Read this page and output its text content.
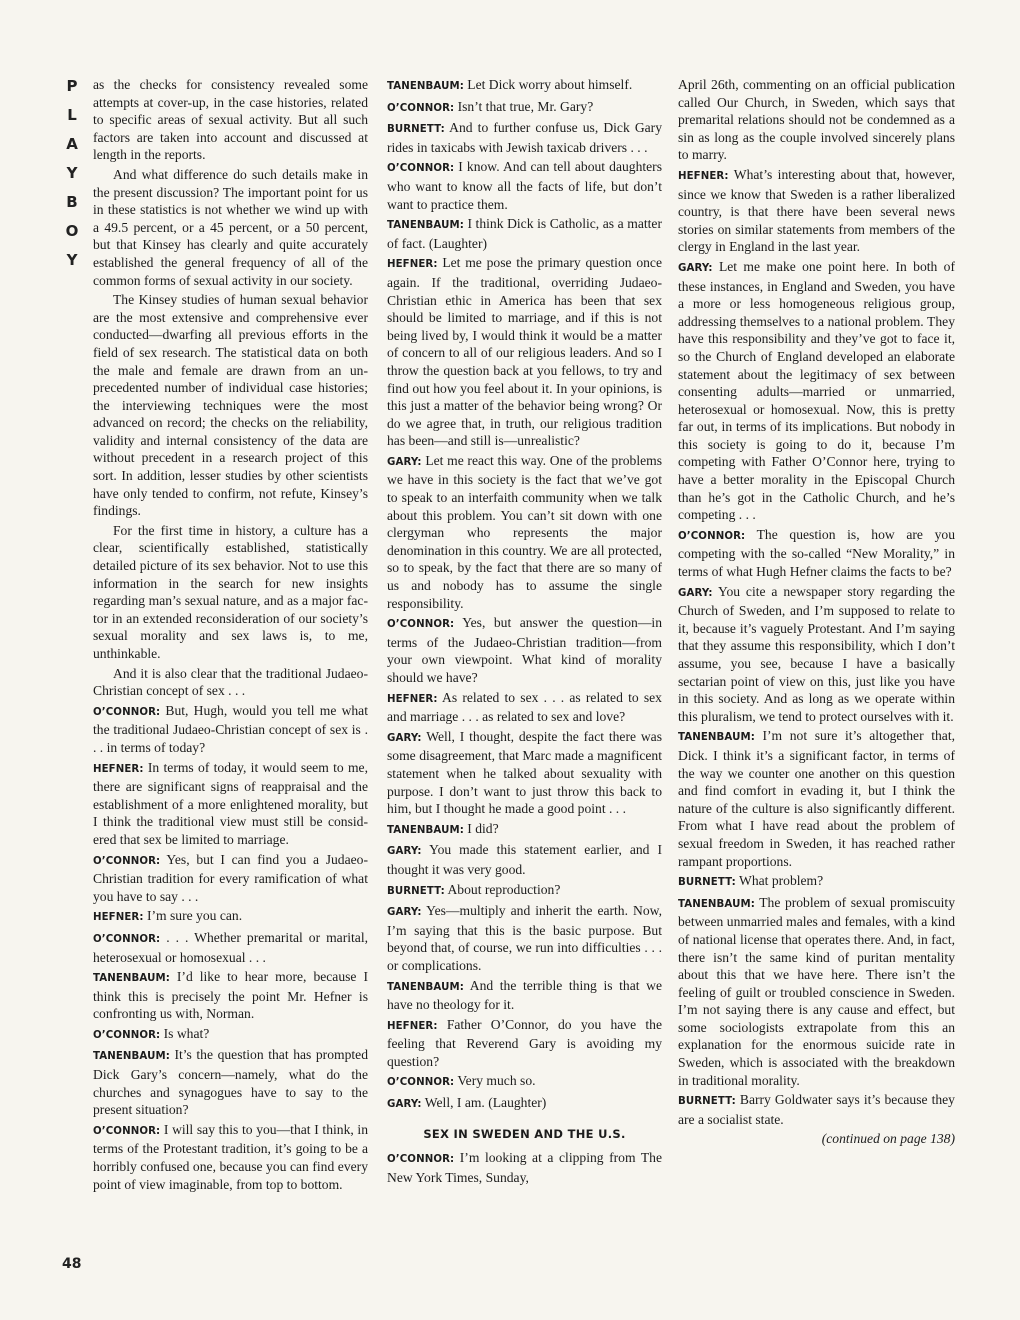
P
L
A
Y
B
O
Y
48

as the checks for consistency revealed some attempts at cover-up, in the case histories, related to specific areas of sexual activity. But all such factors are taken into account and discussed at length in the reports.

And what difference do such details make in the present discussion? The important point for us in these statistics is not whether we wind up with a 49.5 percent, or a 45 percent, or a 50 percent, but that Kinsey has clearly and quite accurately established the general frequency of all of the common forms of sexual activity in our society.

The Kinsey studies of human sexual behavior are the most extensive and comprehensive ever conducted—dwarfing all previous efforts in the field of sex research. The statistical data on both the male and female are drawn from an unprecedented number of individual case histories; the interviewing techniques were the most advanced on record; the checks on the reliability, validity and internal consistency of the data are without precedent in a research project of this sort. In addition, lesser studies by other scientists have only tended to confirm, not refute, Kinsey’s findings.

For the first time in history, a culture has a clear, scientifically established, statistically detailed picture of its sex behavior. Not to use this information in the search for new insights regarding man’s sexual nature, and as a major factor in an extended reconsideration of our society’s sexual morality and sex laws is, to me, unthinkable.

And it is also clear that the traditional Judaeo-Christian concept of sex . . .

O’CONNOR: But, Hugh, would you tell me what the traditional Judaeo-Christian concept of sex is . . . in terms of today?

HEFNER: In terms of today, it would seem to me, there are significant signs of reappraisal and the establishment of a more enlightened morality, but I think the traditional view must still be considered that sex be limited to marriage.

O’CONNOR: Yes, but I can find you a Judaeo-Christian tradition for every ramification of what you have to say . . .

HEFNER: I’m sure you can.

O’CONNOR: . . . Whether premarital or marital, heterosexual or homosexual . . .

TANENBAUM: I’d like to hear more, because I think this is precisely the point Mr. Hefner is confronting us with, Norman.

O’CONNOR: Is what?

TANENBAUM: It’s the question that has prompted Dick Gary’s concern—namely, what do the churches and synagogues have to say to the present situation?

O’CONNOR: I will say this to you—that I think, in terms of the Protestant tradition, it’s going to be a horribly confused one, because you can find every point of view imaginable, from top to bottom.

TANENBAUM: Let Dick worry about himself.

O’CONNOR: Isn’t that true, Mr. Gary?

BURNETT: And to further confuse us, Dick Gary rides in taxicabs with Jewish taxicab drivers . . .

O’CONNOR: I know. And can tell about daughters who want to know all the facts of life, but don’t want to practice them.

TANENBAUM: I think Dick is Catholic, as a matter of fact. (Laughter)

HEFNER: Let me pose the primary question once again. If the traditional, overriding Judaeo-Christian ethic in America has been that sex should be limited to marriage, and if this is not being lived by, I would think it would be a matter of concern to all of our religious leaders. And so I throw the question back at you fellows, to try and find out how you feel about it. In your opinions, is this just a matter of the behavior being wrong? Or do we agree that, in truth, our religious tradition has been—and still is—unrealistic?

GARY: Let me react this way. One of the problems we have in this society is the fact that we’ve got to speak to an interfaith community when we talk about this problem. You can’t sit down with one clergyman who represents the major denomination in this country. We are all protected, so to speak, by the fact that there are so many of us and nobody has to assume the single responsibility.

O’CONNOR: Yes, but answer the question—in terms of the Judaeo-Christian tradition—from your own viewpoint. What kind of morality should we have?

HEFNER: As related to sex . . . as related to sex and marriage . . . as related to sex and love?

GARY: Well, I thought, despite the fact there was some disagreement, that Marc made a magnificent statement when he talked about sexuality with purpose. I don’t want to just throw this back to him, but I thought he made a good point . . .

TANENBAUM: I did?

GARY: You made this statement earlier, and I thought it was very good.

BURNETT: About reproduction?

GARY: Yes—multiply and inherit the earth. Now, I’m saying that this is the basic purpose. But beyond that, of course, we run into difficulties . . . or complications.

TANENBAUM: And the terrible thing is that we have no theology for it.

HEFNER: Father O’Connor, do you have the feeling that Reverend Gary is avoiding my question?

O’CONNOR: Very much so.

GARY: Well, I am. (Laughter)

SEX IN SWEDEN AND THE U.S.

O’CONNOR: I’m looking at a clipping from The New York Times, Sunday,

April 26th, commenting on an official publication called Our Church, in Sweden, which says that premarital relations should not be condemned as a sin as long as the couple involved sincerely plans to marry.

HEFNER: What’s interesting about that, however, since we know that Sweden is a rather liberalized country, is that there have been several news stories on similar statements from members of the clergy in England in the last year.

GARY: Let me make one point here. In both of these instances, in England and Sweden, you have a more or less homogeneous religious group, addressing themselves to a national problem. They have this responsibility and they’ve got to face it, so the Church of England developed an elaborate statement about the legitimacy of sex between consenting adults—married or unmarried, heterosexual or homosexual. Now, this is pretty far out, in terms of its implications. But nobody in this society is going to do it, because I’m competing with Father O’Connor here, trying to have a better morality in the Episcopal Church than he’s got in the Catholic Church, and he’s competing . . .

O’CONNOR: The question is, how are you competing with the so-called “New Morality,” in terms of what Hugh Hefner claims the facts to be?

GARY: You cite a newspaper story regarding the Church of Sweden, and I’m supposed to relate to it, because it’s vaguely Protestant. And I’m saying that they assume this responsibility, which I don’t assume, you see, because I have a basically sectarian point of view on this, just like you have in this society. And as long as we operate within this pluralism, we tend to protect ourselves with it.

TANENBAUM: I’m not sure it’s altogether that, Dick. I think it’s a significant factor, in terms of the way we counter one another on this question and find comfort in evading it, but I think the nature of the culture is also significantly different. From what I have read about the problem of sexual freedom in Sweden, it has reached rather rampant proportions.

BURNETT: What problem?

TANENBAUM: The problem of sexual promiscuity between unmarried males and females, with a kind of national license that operates there. And, in fact, there isn’t the same kind of puritan mentality about this that we have here. There isn’t the feeling of guilt or troubled conscience in Sweden. I’m not saying there is any cause and effect, but some sociologists extrapolate from this an explanation for the enormous suicide rate in Sweden, which is associated with the breakdown in traditional morality.

BURNETT: Barry Goldwater says it’s because they are a socialist state.

(continued on page 138)
